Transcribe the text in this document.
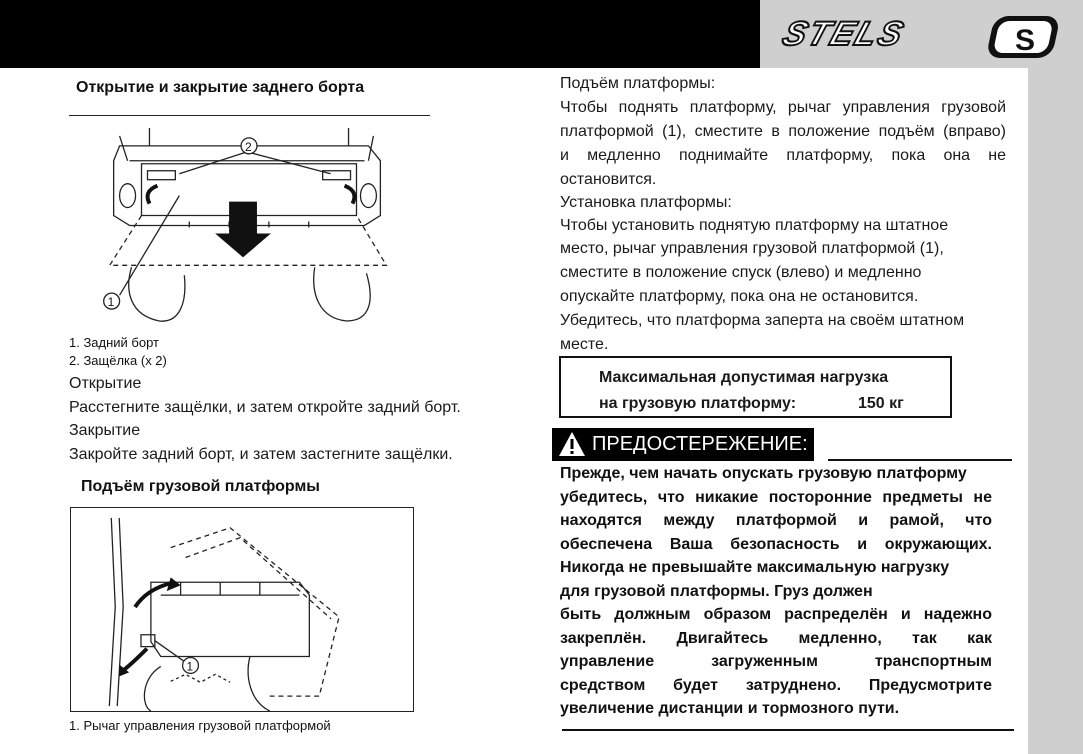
STELS	S
Открытие и закрытие заднего борта
2
1
1. Задний борт
2. Защёлка (x 2)
Открытие
Расстегните защёлки, и затем откройте задний борт.
Закрытие
Закройте задний борт, и затем застегните защёлки.
Подъём грузовой платформы
1
1. Рычаг управления грузовой платформой
Подъём платформы:
Чтобы поднять платформу, рычаг управления грузовой
платформой (1), сместите в положение подъём (вправо)
и медленно поднимайте платформу, пока она не
остановится.
Установка платформы:
Чтобы установить поднятую платформу на штатное
место, рычаг управления грузовой платформой (1),
сместите в положение спуск (влево) и медленно
опускайте платформу, пока она не остановится.
Убедитесь, что платформа заперта на своём штатном
месте.
Максимальная допустимая нагрузка
на грузовую платформу:	150 кг
ПРЕДОСТЕРЕЖЕНИЕ:
Прежде, чем начать опускать грузовую платформу
убедитесь, что никакие посторонние предметы не
находятся между платформой и рамой, что
обеспечена Ваша безопасность и окружающих.
Никогда не превышайте максимальную нагрузку
для грузовой платформы. Груз должен
быть должным образом распределён и надежно
закреплён. Двигайтесь медленно, так как
управление загруженным транспортным
средством будет затруднено. Предусмотрите
увеличение дистанции и тормозного пути.
